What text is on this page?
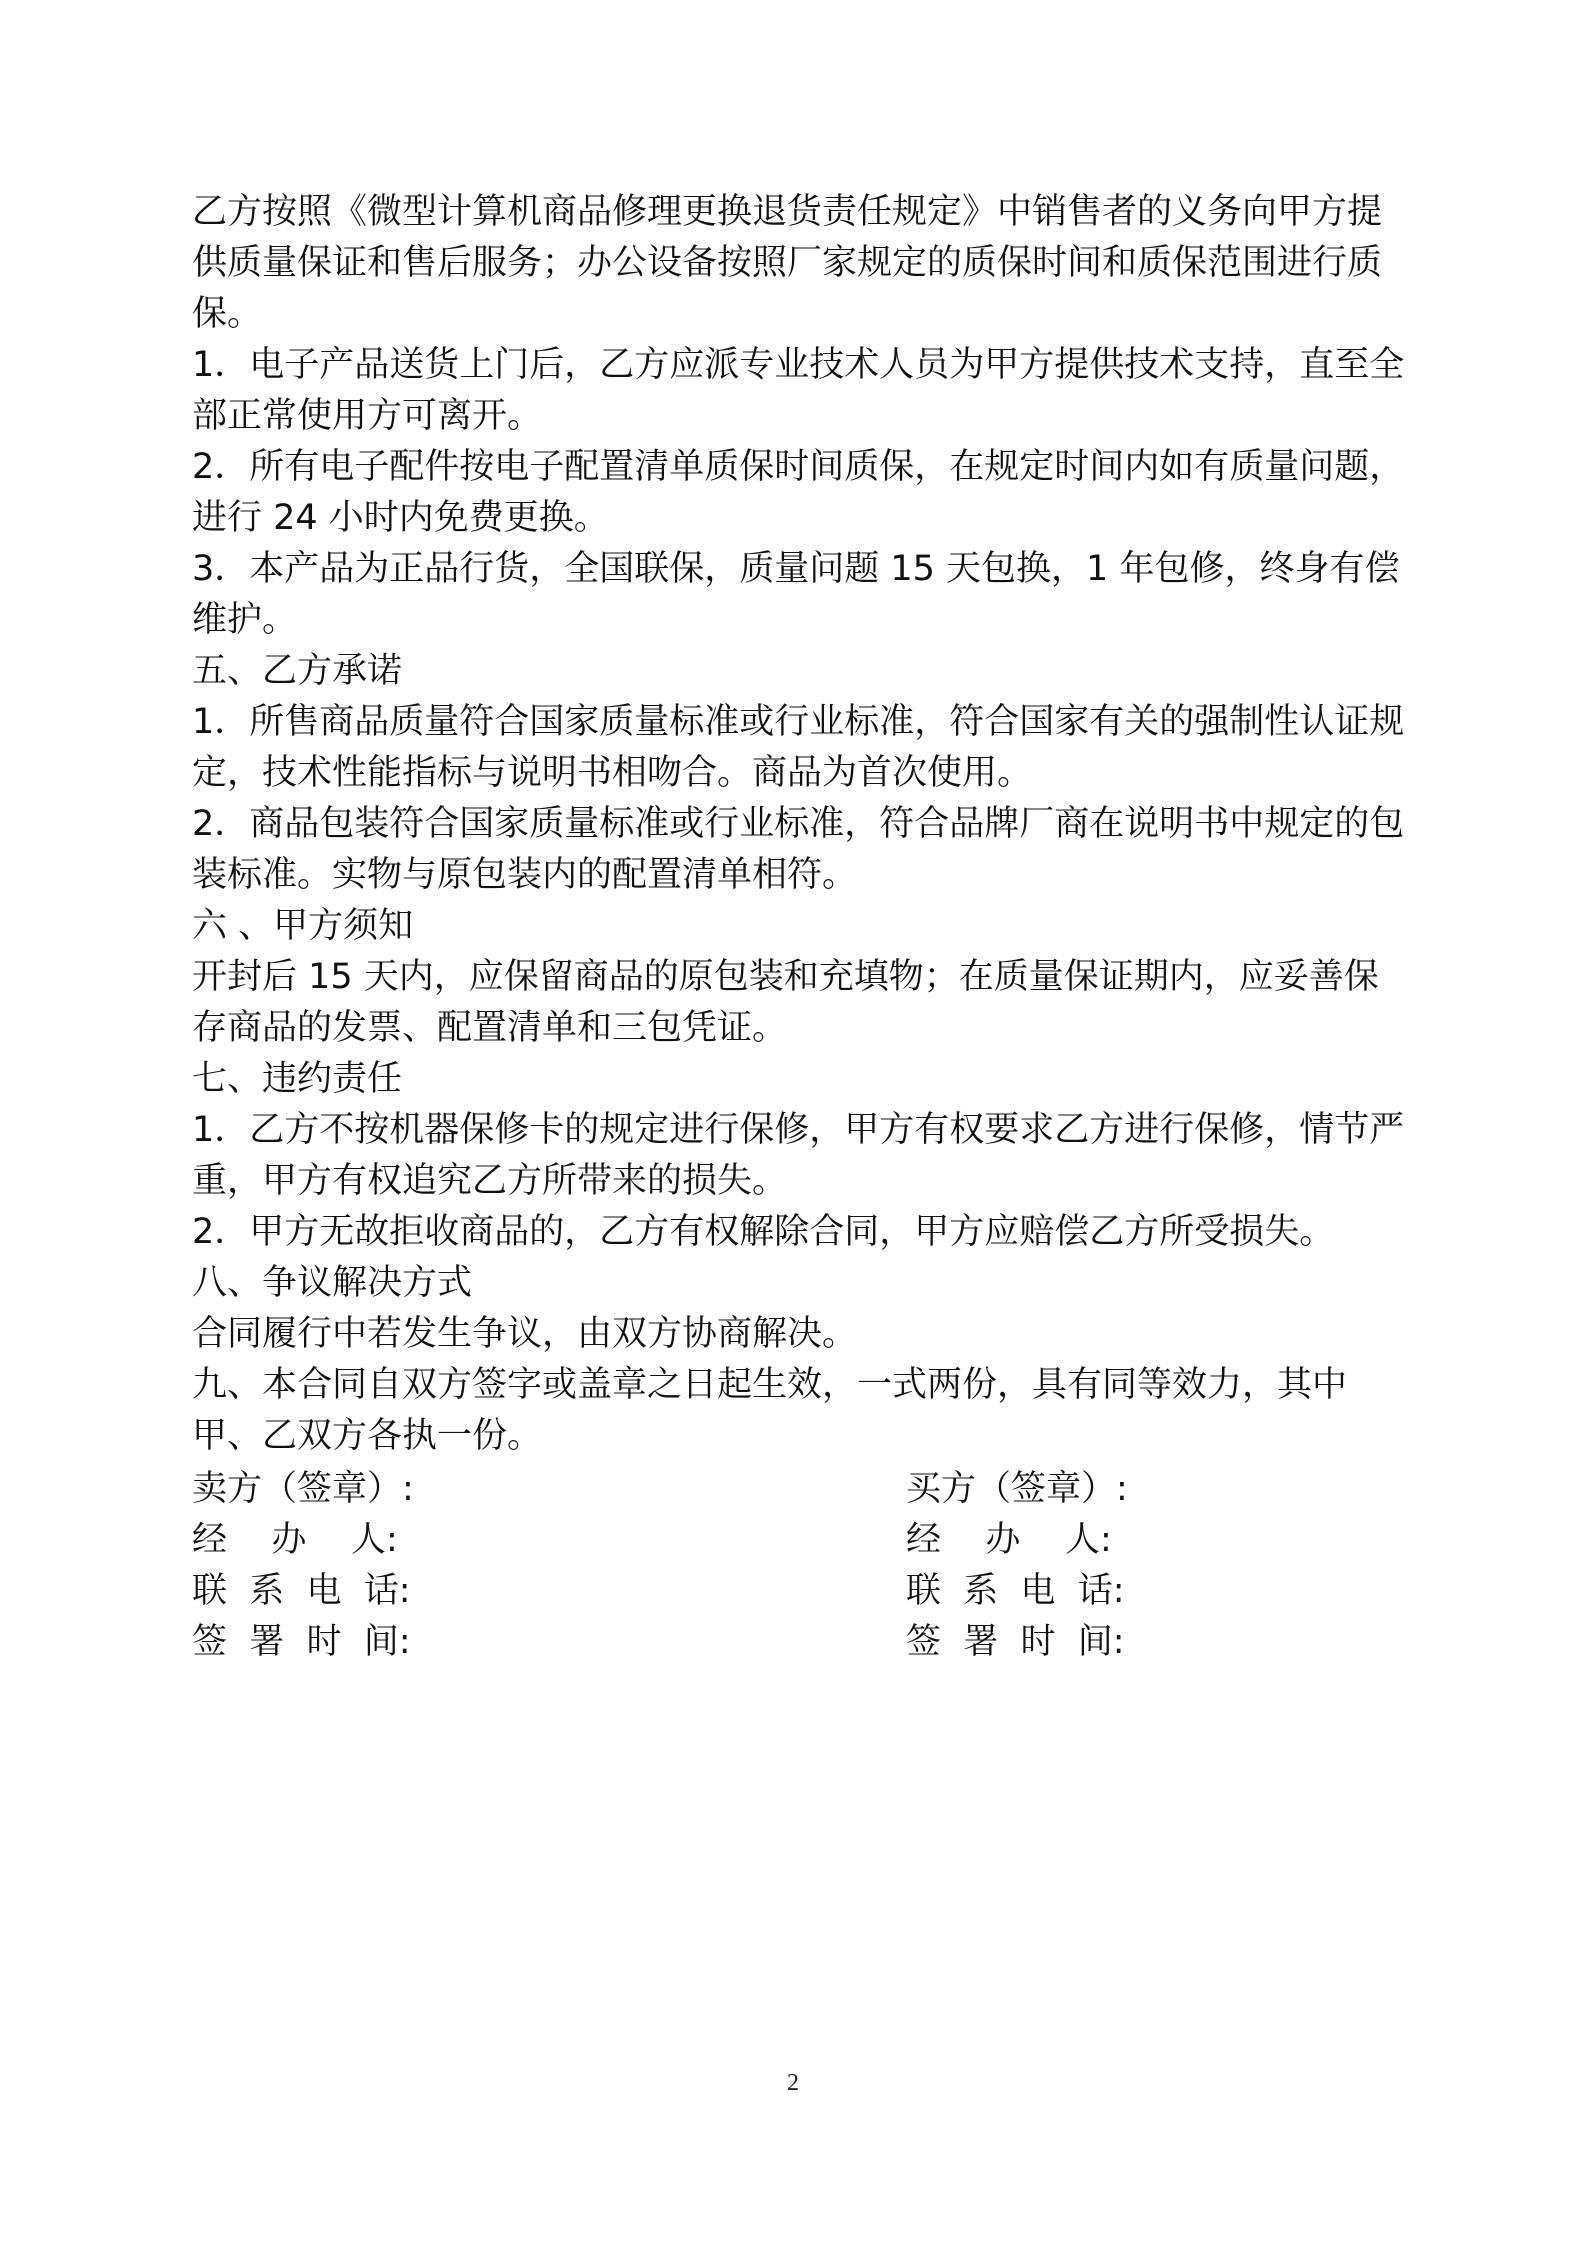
乙方按照《微型计算机商品修理更换退货责任规定》中销售者的义务向甲方提供质量保证和售后服务；办公设备按照厂家规定的质保时间和质保范围进行质保。

1．电子产品送货上门后，乙方应派专业技术人员为甲方提供技术支持，直至全部正常使用方可离开。

2．所有电子配件按电子配置清单质保时间质保，在规定时间内如有质量问题，进行 24 小时内免费更换。

3．本产品为正品行货，全国联保，质量问题 15 天包换，1 年包修，终身有偿维护。

五、乙方承诺

1．所售商品质量符合国家质量标准或行业标准，符合国家有关的强制性认证规定，技术性能指标与说明书相吻合。商品为首次使用。

2．商品包装符合国家质量标准或行业标准，符合品牌厂商在说明书中规定的包装标准。实物与原包装内的配置清单相符。

六 、甲方须知

开封后 15 天内，应保留商品的原包装和充填物；在质量保证期内，应妥善保存商品的发票、配置清单和三包凭证。

七、违约责任

1．乙方不按机器保修卡的规定进行保修，甲方有权要求乙方进行保修，情节严重，甲方有权追究乙方所带来的损失。

2．甲方无故拒收商品的，乙方有权解除合同，甲方应赔偿乙方所受损失。

八、争议解决方式

合同履行中若发生争议，由双方协商解决。

九、本合同自双方签字或盖章之日起生效，一式两份，具有同等效力，其中甲、乙双方各执一份。

卖方（签章）:	买方（签章）:
经    办    人:	经    办    人:
联  系  电  话:	联  系  电  话:
签  署  时  间:	签  署  时  间:
2
